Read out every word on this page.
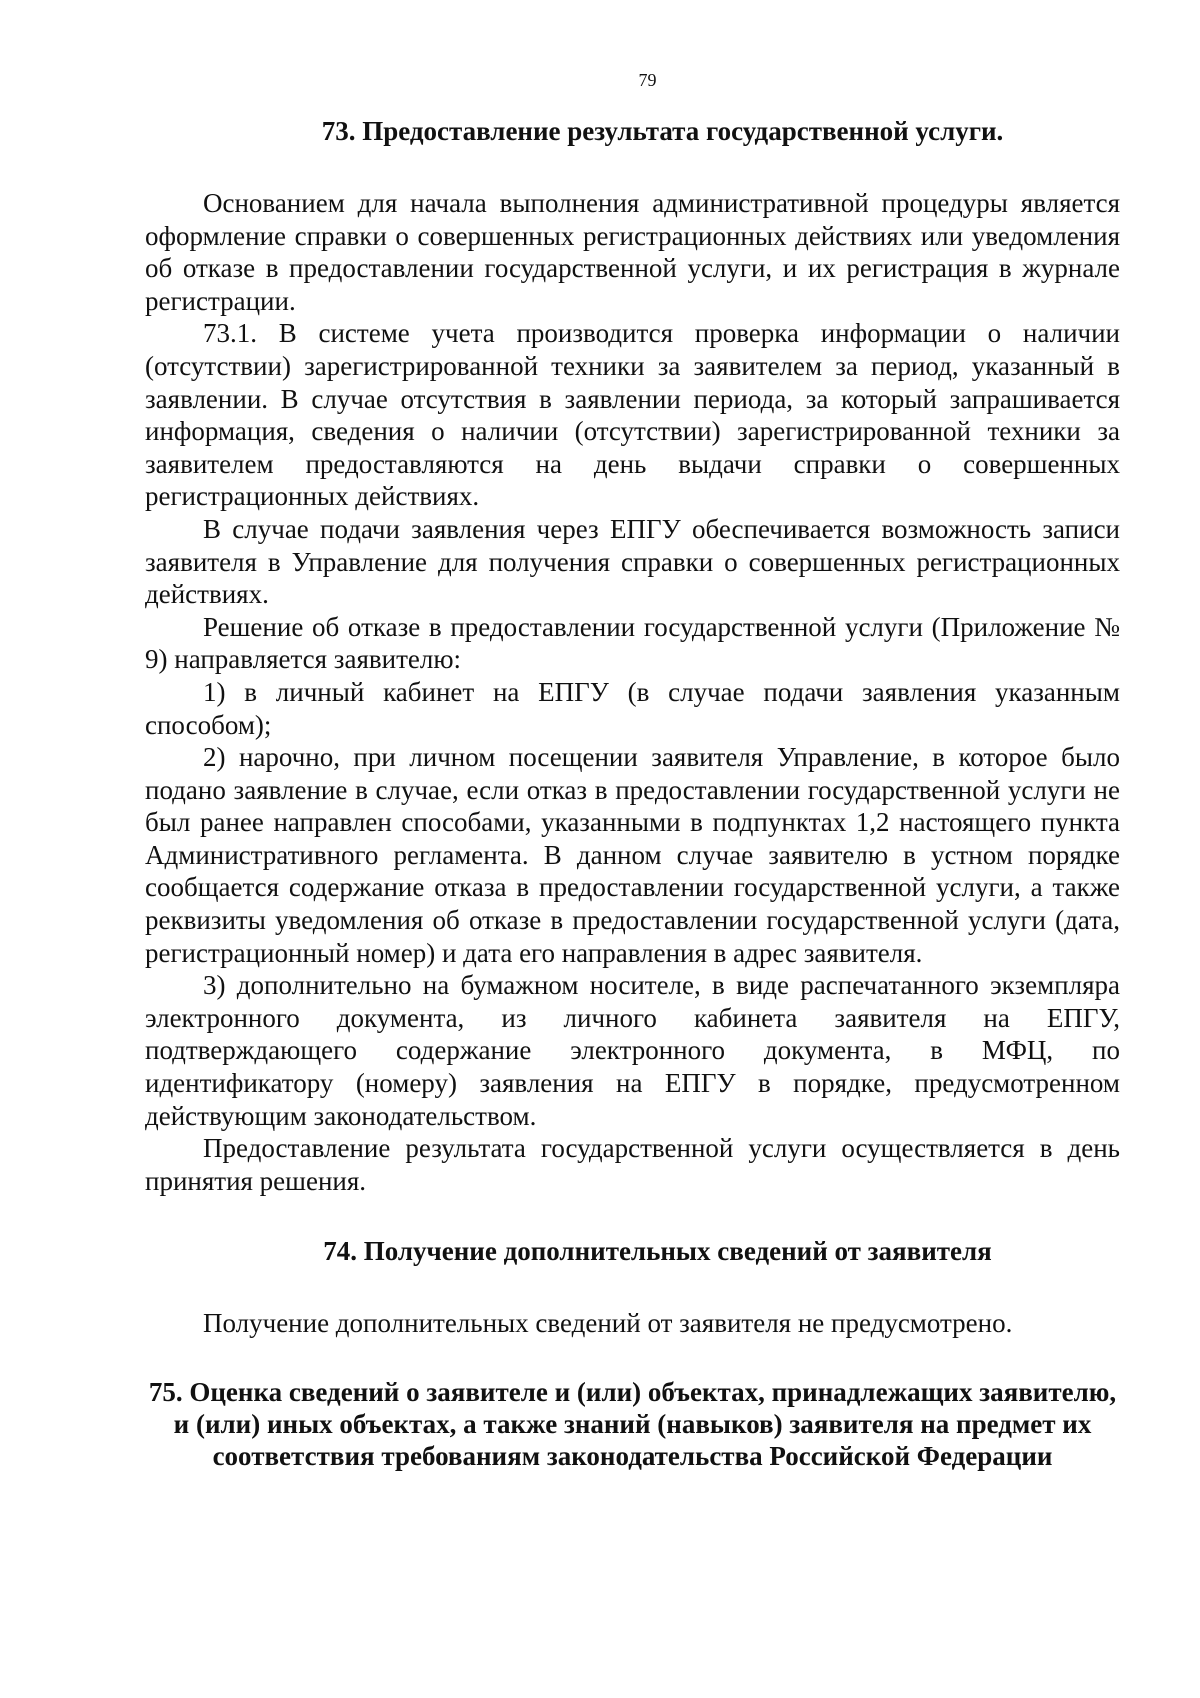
79
73. Предоставление результата государственной услуги.

Основанием для начала выполнения административной процедуры является оформление справки о совершенных регистрационных действиях или уведомления об отказе в предоставлении государственной услуги, и их регистрация в журнале регистрации.

73.1. В системе учета производится проверка информации о наличии (отсутствии) зарегистрированной техники за заявителем за период, указанный в заявлении. В случае отсутствия в заявлении периода, за который запрашивается информация, сведения о наличии (отсутствии) зарегистрированной техники за заявителем предоставляются на день выдачи справки о совершенных регистрационных действиях.

В случае подачи заявления через ЕПГУ обеспечивается возможность записи заявителя в Управление для получения справки о совершенных регистрационных действиях.

Решение об отказе в предоставлении государственной услуги (Приложение № 9) направляется заявителю:

1) в личный кабинет на ЕПГУ (в случае подачи заявления указанным способом);

2) нарочно, при личном посещении заявителя Управление, в которое было подано заявление в случае, если отказ в предоставлении государственной услуги не был ранее направлен способами, указанными в подпунктах 1,2 настоящего пункта Административного регламента. В данном случае заявителю в устном порядке сообщается содержание отказа в предоставлении государственной услуги, а также реквизиты уведомления об отказе в предоставлении государственной услуги (дата, регистрационный номер) и дата его направления в адрес заявителя.

3) дополнительно на бумажном носителе, в виде распечатанного экземпляра электронного документа, из личного кабинета заявителя на ЕПГУ, подтверждающего содержание электронного документа, в МФЦ, по идентификатору (номеру) заявления на ЕПГУ в порядке, предусмотренном действующим законодательством.

Предоставление результата государственной услуги осуществляется в день принятия решения.

74. Получение дополнительных сведений от заявителя

Получение дополнительных сведений от заявителя не предусмотрено.

75. Оценка сведений о заявителе и (или) объектах, принадлежащих заявителю, и (или) иных объектах, а также знаний (навыков) заявителя на предмет их соответствия требованиям законодательства Российской Федерации
